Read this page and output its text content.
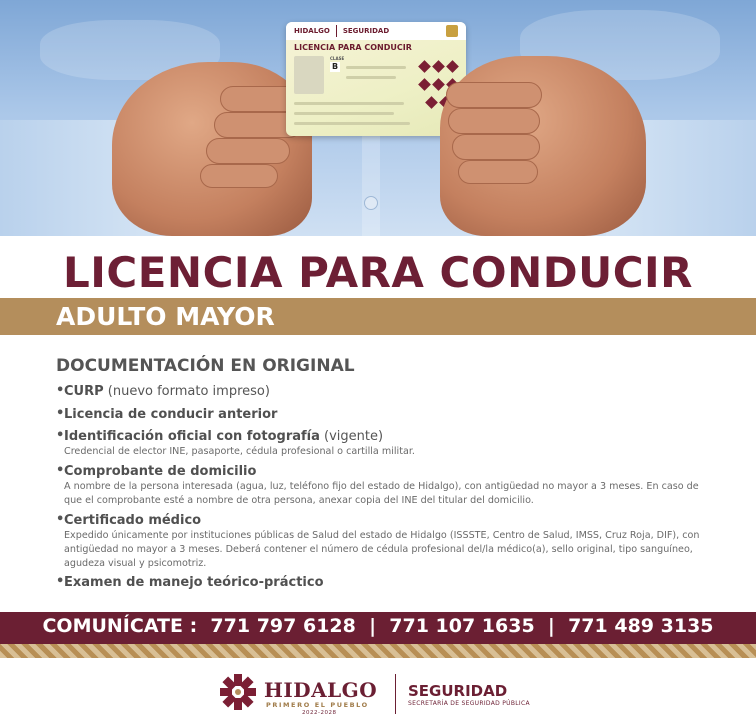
HIDALGO SEGURIDAD
LICENCIA PARA CONDUCIR
CLASE
B
LICENCIA PARA CONDUCIR
ADULTO MAYOR
DOCUMENTACIÓN EN ORIGINAL
• CURP (nuevo formato impreso)
• Licencia de conducir anterior
• Identificación oficial con fotografía (vigente)
Credencial de elector INE, pasaporte, cédula profesional o cartilla militar.
• Comprobante de domicilio
A nombre de la persona interesada (agua, luz, teléfono fijo del estado de Hidalgo), con antigüedad no mayor a 3 meses. En caso de que el comprobante esté a nombre de otra persona, anexar copia del INE del titular del domicilio.
• Certificado médico
Expedido únicamente por instituciones públicas de Salud del estado de Hidalgo (ISSSTE, Centro de Salud, IMSS, Cruz Roja, DIF), con antigüedad no mayor a 3 meses. Deberá contener el número de cédula profesional del/la médico(a), sello original, tipo sanguíneo, agudeza visual y psicomotriz.
• Examen de manejo teórico-práctico
COMUNÍCATE :  771 797 6128  |  771 107 1635  |  771 489 3135
HIDALGO
PRIMERO EL PUEBLO
2022-2028
SEGURIDAD
SECRETARÍA DE SEGURIDAD PÚBLICA
